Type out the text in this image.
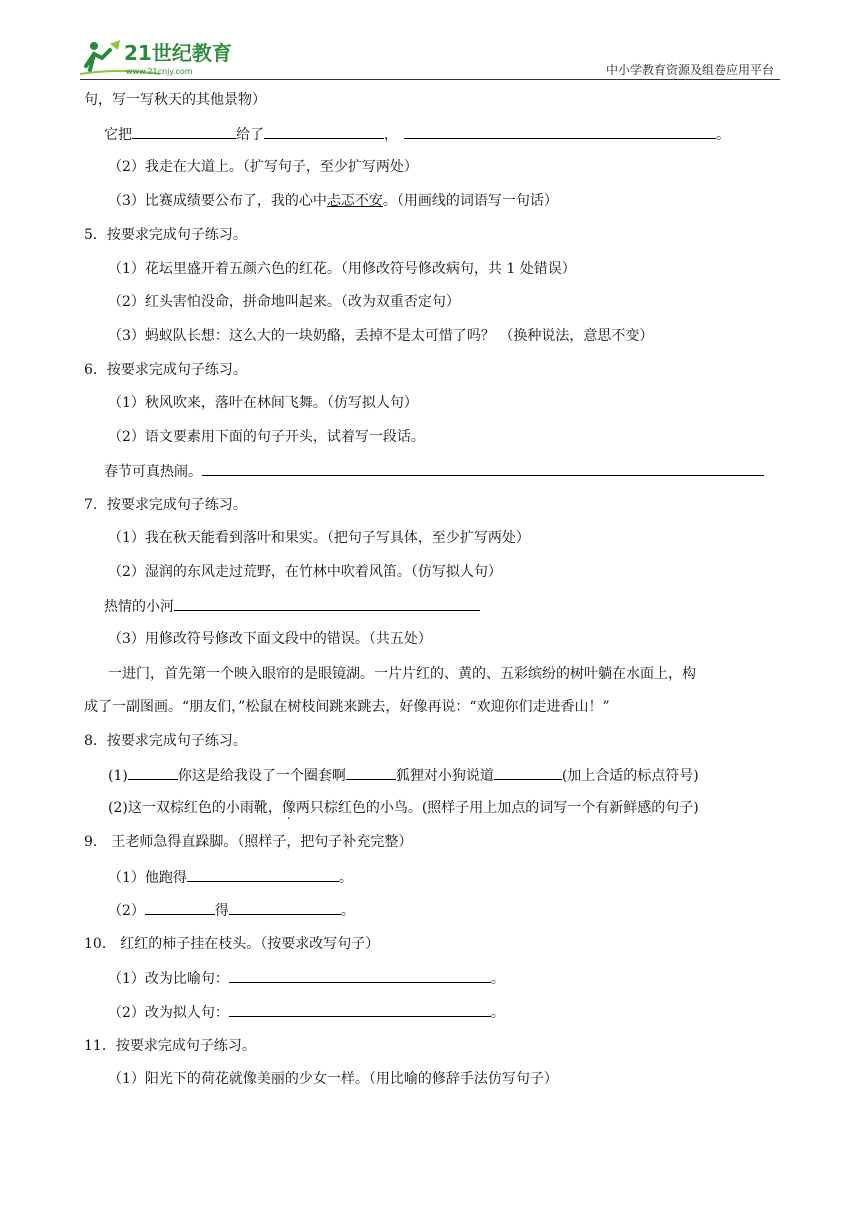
21世纪教育
www.21cnjy.com	中小学教育资源及组卷应用平台
句，写一写秋天的其他景物）
它把	给了	，	。
（2）我走在大道上。（扩写句子，至少扩写两处）
（3）比赛成绩要公布了，我的心中忐忑不安。（用画线的词语写一句话）
5．按要求完成句子练习。
（1）花坛里盛开着五颜六色的红花。（用修改符号修改病句，共 1 处错误）
（2）红头害怕没命，拼命地叫起来。（改为双重否定句）
（3）蚂蚁队长想：这么大的一块奶酪，丢掉不是太可惜了吗？ （换种说法，意思不变）
6．按要求完成句子练习。
（1）秋风吹来，落叶在林间飞舞。（仿写拟人句）
（2）语文要素用下面的句子开头，试着写一段话。
春节可真热闹。
7．按要求完成句子练习。
（1）我在秋天能看到落叶和果实。（把句子写具体，至少扩写两处）
（2）湿润的东风走过荒野，在竹林中吹着风笛。（仿写拟人句）
热情的小河
（3）用修改符号修改下面文段中的错误。（共五处）
一进门，首先第一个映入眼帘的是眼镜湖。一片片红的、黄的、五彩缤纷的树叶躺在水面上，构
成了一副图画。“朋友们，”松鼠在树枝间跳来跳去，好像再说：“欢迎你们走进香山！”
8．按要求完成句子练习。
(1)	你这是给我设了一个圈套啊	狐狸对小狗说道	(加上合适的标点符号)
(2)这一双棕红色的小雨靴，像两只棕红色的小鸟。(照样子用上加点的词写一个有新鲜感的句子)
9． 王老师急得直跺脚。（照样子，把句子补充完整）
（1）他跑得	。
（2）	得	。
10． 红红的柿子挂在枝头。（按要求改写句子）
（1）改为比喻句：	。
（2）改为拟人句：	。
11．按要求完成句子练习。
（1）阳光下的荷花就像美丽的少女一样。（用比喻的修辞手法仿写句子）
